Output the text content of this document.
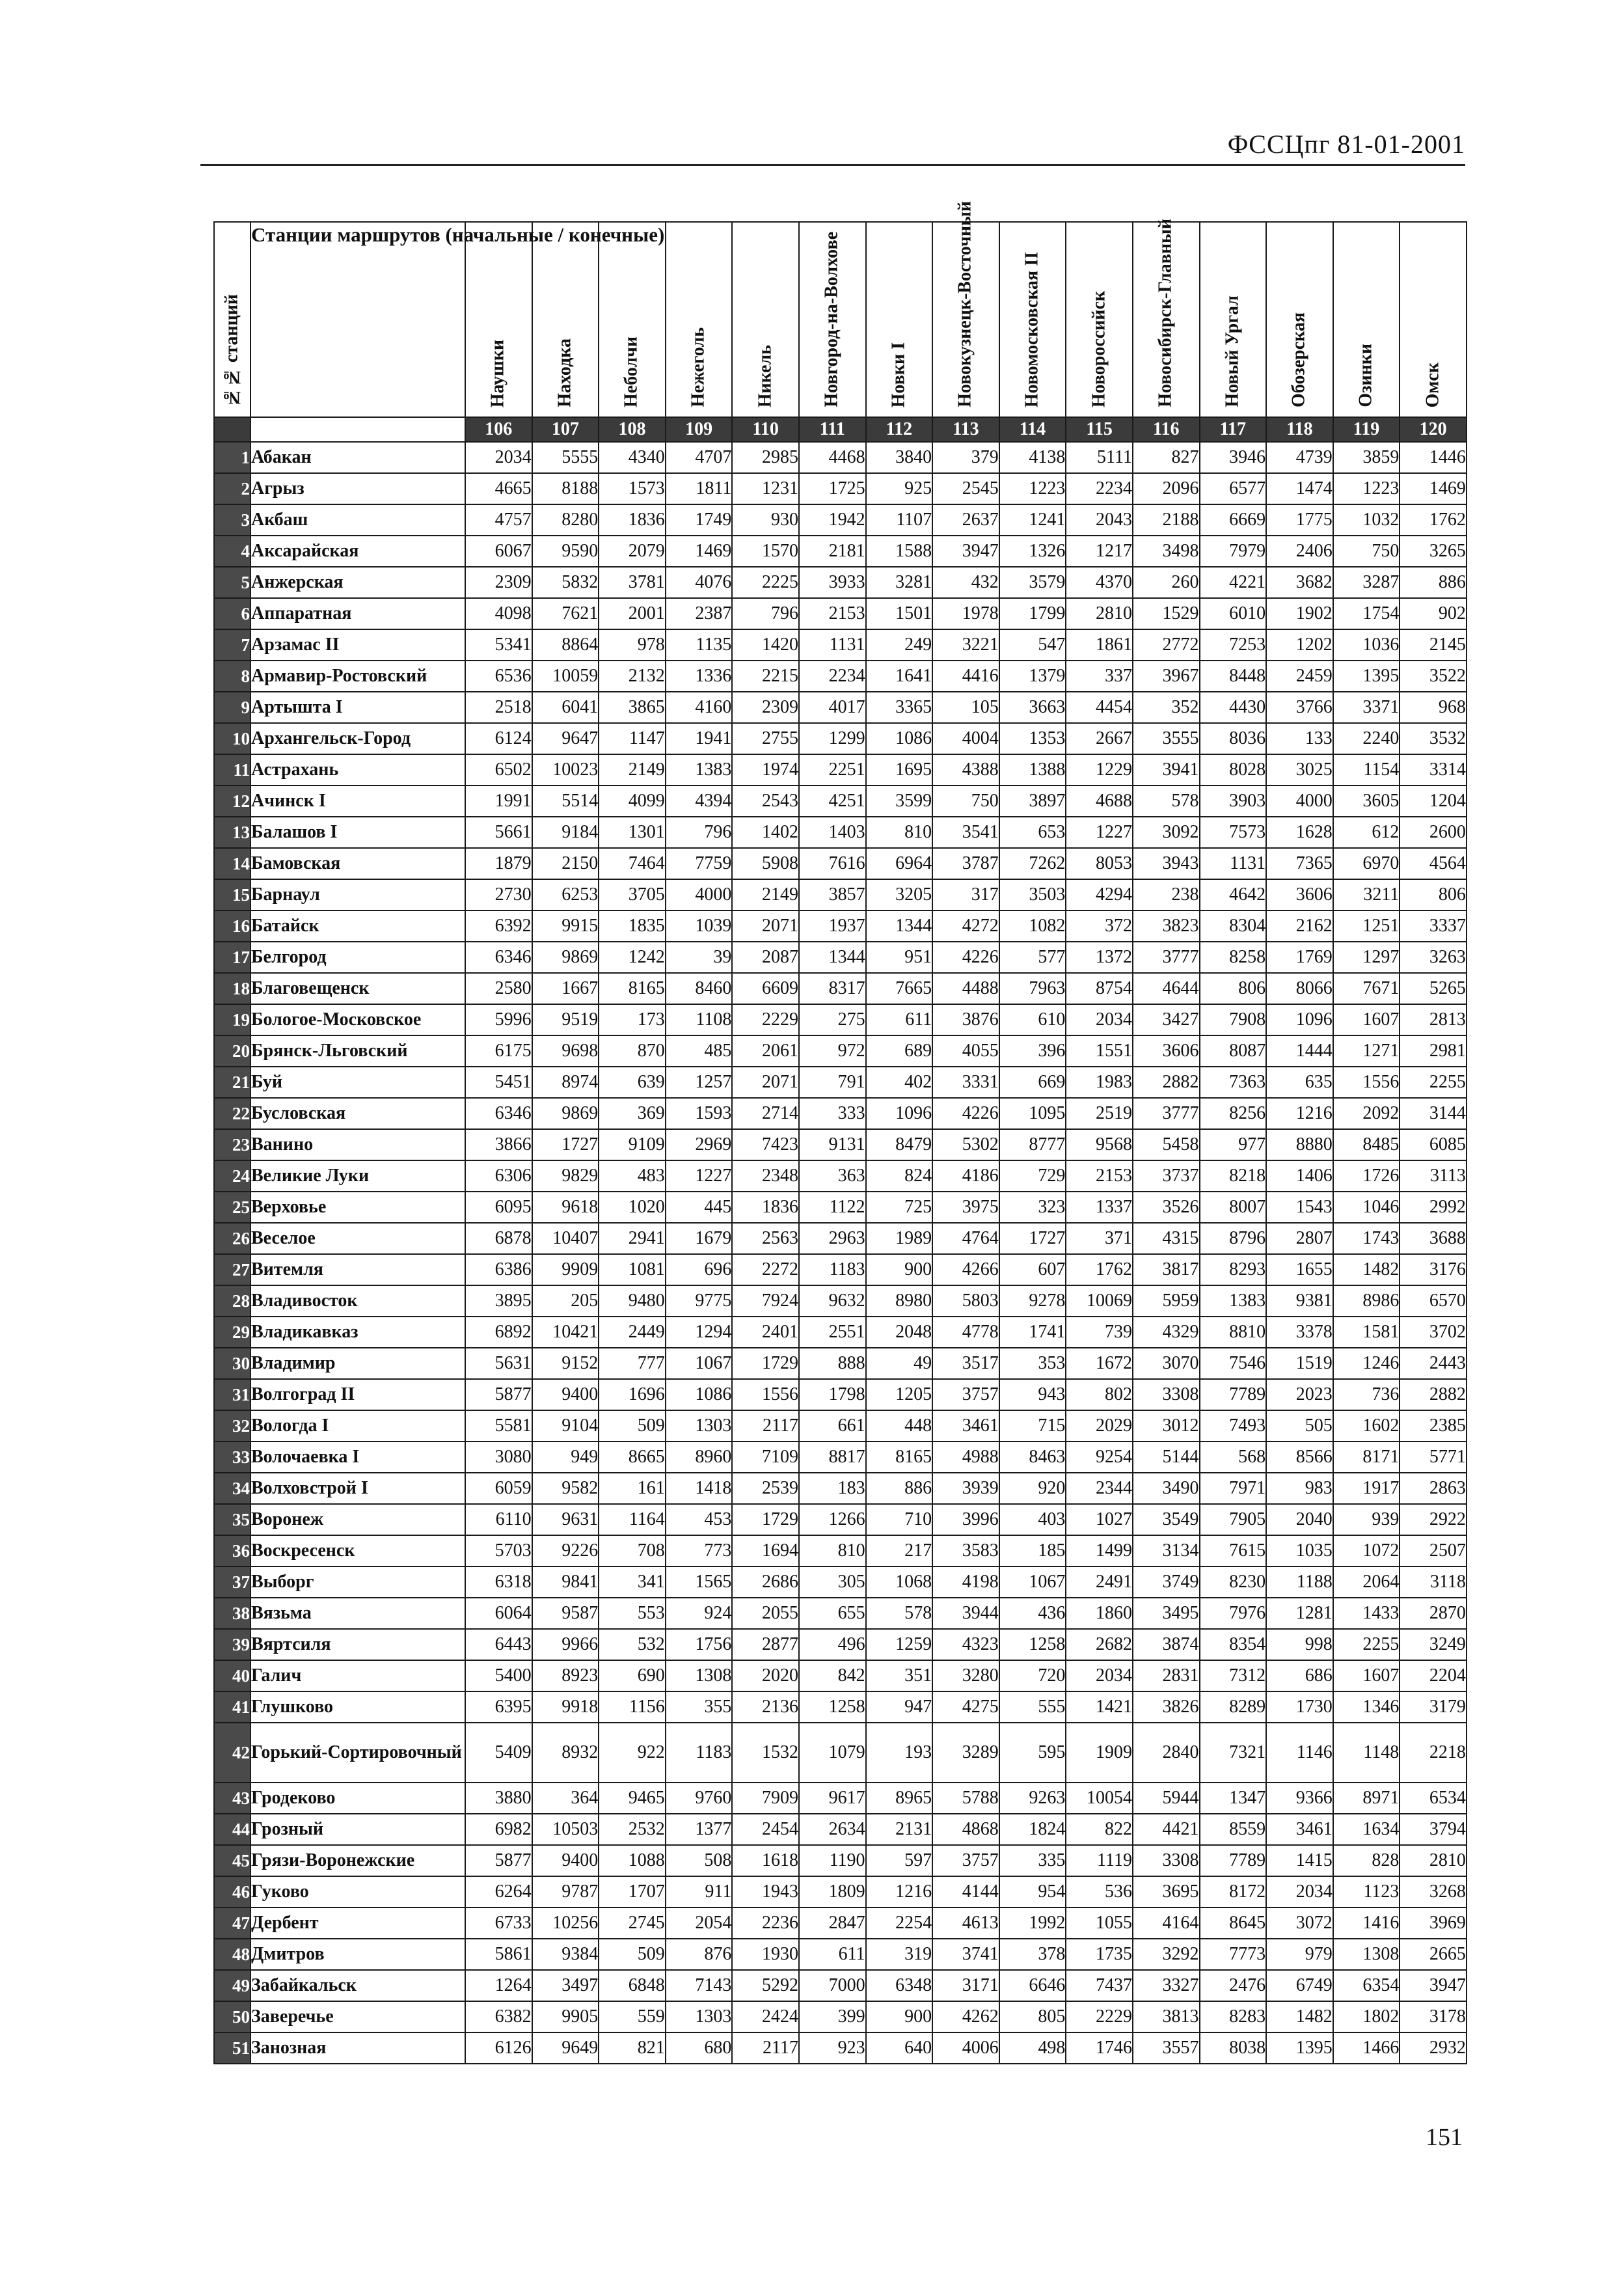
ФССЦпг 81-01-2001
№№ станций	Станции маршрутов (начальные / конечные)	Наушки	Находка	Неболчи	Нежеголь	Никель	Новгород-на-Волхове	Новки I	Новокузнецк-Восточный	Новомосковская II	Новороссийск	Новосибирск-Главный	Новый Ургал	Обозерская	Озинки	Омск

		106	107	108	109	110	111	112	113	114	115	116	117	118	119	120
1	Абакан	2034	5555	4340	4707	2985	4468	3840	379	4138	5111	827	3946	4739	3859	1446
2	Агрыз	4665	8188	1573	1811	1231	1725	925	2545	1223	2234	2096	6577	1474	1223	1469
3	Акбаш	4757	8280	1836	1749	930	1942	1107	2637	1241	2043	2188	6669	1775	1032	1762
4	Аксарайская	6067	9590	2079	1469	1570	2181	1588	3947	1326	1217	3498	7979	2406	750	3265
5	Анжерская	2309	5832	3781	4076	2225	3933	3281	432	3579	4370	260	4221	3682	3287	886
6	Аппаратная	4098	7621	2001	2387	796	2153	1501	1978	1799	2810	1529	6010	1902	1754	902
7	Арзамас II	5341	8864	978	1135	1420	1131	249	3221	547	1861	2772	7253	1202	1036	2145
8	Армавир-Ростовский	6536	10059	2132	1336	2215	2234	1641	4416	1379	337	3967	8448	2459	1395	3522
9	Артышта I	2518	6041	3865	4160	2309	4017	3365	105	3663	4454	352	4430	3766	3371	968
10	Архангельск-Город	6124	9647	1147	1941	2755	1299	1086	4004	1353	2667	3555	8036	133	2240	3532
11	Астрахань	6502	10023	2149	1383	1974	2251	1695	4388	1388	1229	3941	8028	3025	1154	3314
12	Ачинск I	1991	5514	4099	4394	2543	4251	3599	750	3897	4688	578	3903	4000	3605	1204
13	Балашов I	5661	9184	1301	796	1402	1403	810	3541	653	1227	3092	7573	1628	612	2600
14	Бамовская	1879	2150	7464	7759	5908	7616	6964	3787	7262	8053	3943	1131	7365	6970	4564
15	Барнаул	2730	6253	3705	4000	2149	3857	3205	317	3503	4294	238	4642	3606	3211	806
16	Батайск	6392	9915	1835	1039	2071	1937	1344	4272	1082	372	3823	8304	2162	1251	3337
17	Белгород	6346	9869	1242	39	2087	1344	951	4226	577	1372	3777	8258	1769	1297	3263
18	Благовещенск	2580	1667	8165	8460	6609	8317	7665	4488	7963	8754	4644	806	8066	7671	5265
19	Бологое-Московское	5996	9519	173	1108	2229	275	611	3876	610	2034	3427	7908	1096	1607	2813
20	Брянск-Льговский	6175	9698	870	485	2061	972	689	4055	396	1551	3606	8087	1444	1271	2981
21	Буй	5451	8974	639	1257	2071	791	402	3331	669	1983	2882	7363	635	1556	2255
22	Бусловская	6346	9869	369	1593	2714	333	1096	4226	1095	2519	3777	8256	1216	2092	3144
23	Ванино	3866	1727	9109	2969	7423	9131	8479	5302	8777	9568	5458	977	8880	8485	6085
24	Великие Луки	6306	9829	483	1227	2348	363	824	4186	729	2153	3737	8218	1406	1726	3113
25	Верховье	6095	9618	1020	445	1836	1122	725	3975	323	1337	3526	8007	1543	1046	2992
26	Веселое	6878	10407	2941	1679	2563	2963	1989	4764	1727	371	4315	8796	2807	1743	3688
27	Витемля	6386	9909	1081	696	2272	1183	900	4266	607	1762	3817	8293	1655	1482	3176
28	Владивосток	3895	205	9480	9775	7924	9632	8980	5803	9278	10069	5959	1383	9381	8986	6570
29	Владикавказ	6892	10421	2449	1294	2401	2551	2048	4778	1741	739	4329	8810	3378	1581	3702
30	Владимир	5631	9152	777	1067	1729	888	49	3517	353	1672	3070	7546	1519	1246	2443
31	Волгоград II	5877	9400	1696	1086	1556	1798	1205	3757	943	802	3308	7789	2023	736	2882
32	Вологда I	5581	9104	509	1303	2117	661	448	3461	715	2029	3012	7493	505	1602	2385
33	Волочаевка I	3080	949	8665	8960	7109	8817	8165	4988	8463	9254	5144	568	8566	8171	5771
34	Волховстрой I	6059	9582	161	1418	2539	183	886	3939	920	2344	3490	7971	983	1917	2863
35	Воронеж	6110	9631	1164	453	1729	1266	710	3996	403	1027	3549	7905	2040	939	2922
36	Воскресенск	5703	9226	708	773	1694	810	217	3583	185	1499	3134	7615	1035	1072	2507
37	Выборг	6318	9841	341	1565	2686	305	1068	4198	1067	2491	3749	8230	1188	2064	3118
38	Вязьма	6064	9587	553	924	2055	655	578	3944	436	1860	3495	7976	1281	1433	2870
39	Вяртсиля	6443	9966	532	1756	2877	496	1259	4323	1258	2682	3874	8354	998	2255	3249
40	Галич	5400	8923	690	1308	2020	842	351	3280	720	2034	2831	7312	686	1607	2204
41	Глушково	6395	9918	1156	355	2136	1258	947	4275	555	1421	3826	8289	1730	1346	3179
42	Горький-Сортировочный	5409	8932	922	1183	1532	1079	193	3289	595	1909	2840	7321	1146	1148	2218
43	Гродеково	3880	364	9465	9760	7909	9617	8965	5788	9263	10054	5944	1347	9366	8971	6534
44	Грозный	6982	10503	2532	1377	2454	2634	2131	4868	1824	822	4421	8559	3461	1634	3794
45	Грязи-Воронежские	5877	9400	1088	508	1618	1190	597	3757	335	1119	3308	7789	1415	828	2810
46	Гуково	6264	9787	1707	911	1943	1809	1216	4144	954	536	3695	8172	2034	1123	3268
47	Дербент	6733	10256	2745	2054	2236	2847	2254	4613	1992	1055	4164	8645	3072	1416	3969
48	Дмитров	5861	9384	509	876	1930	611	319	3741	378	1735	3292	7773	979	1308	2665
49	Забайкальск	1264	3497	6848	7143	5292	7000	6348	3171	6646	7437	3327	2476	6749	6354	3947
50	Заверечье	6382	9905	559	1303	2424	399	900	4262	805	2229	3813	8283	1482	1802	3178
51	Занозная	6126	9649	821	680	2117	923	640	4006	498	1746	3557	8038	1395	1466	2932
151
